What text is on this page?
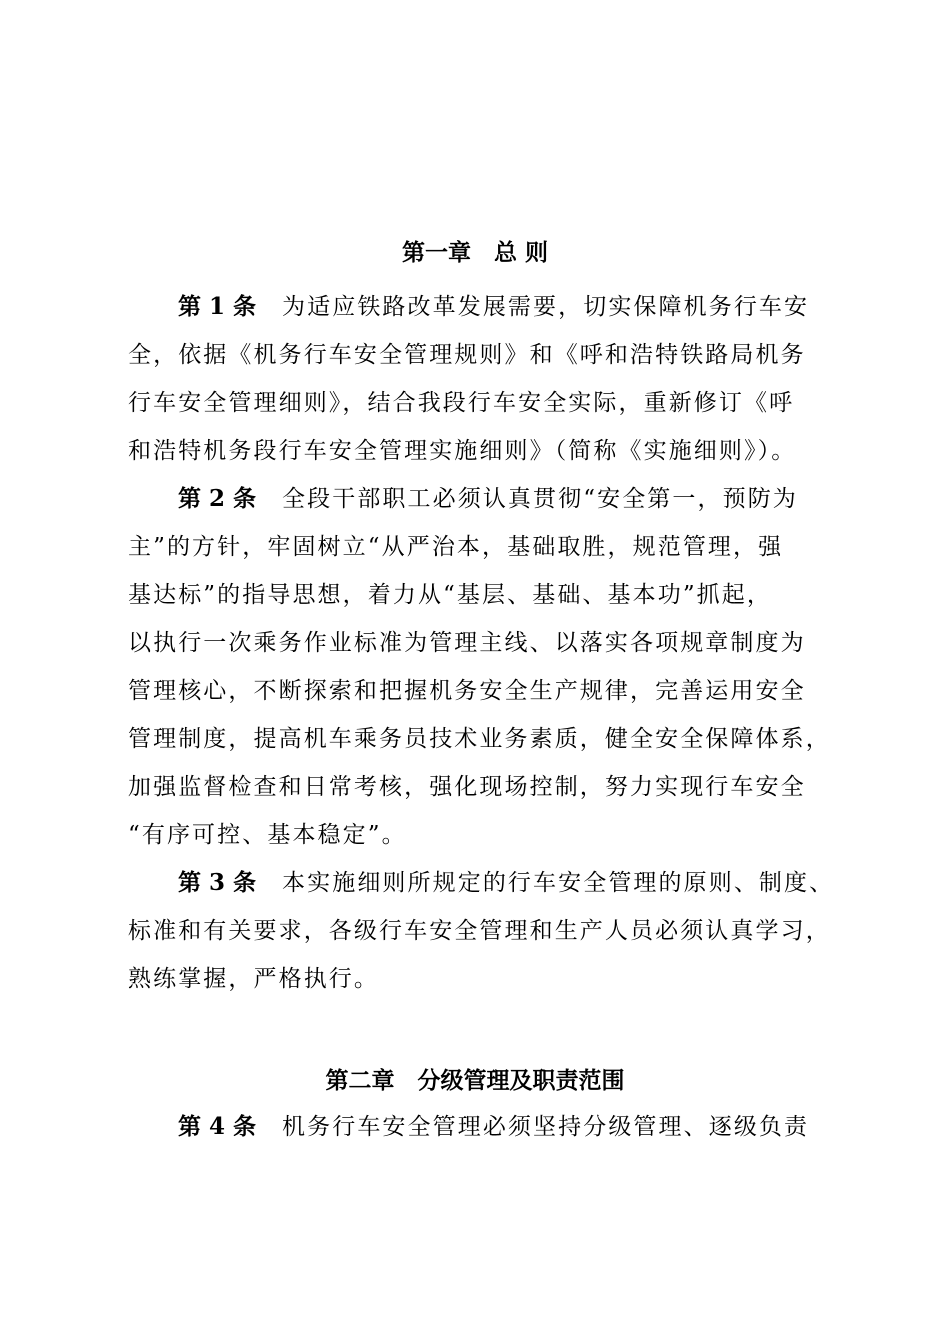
第一章　总 则
第 1 条 为适应铁路改革发展需要，切实保障机务行车安
全，依据《机务行车安全管理规则》和《呼和浩特铁路局机务
行车安全管理细则》，结合我段行车安全实际，重新修订《呼
和浩特机务段行车安全管理实施细则》（简称《实施细则》）。
第 2 条 全段干部职工必须认真贯彻“安全第一，预防为
主”的方针，牢固树立“从严治本，基础取胜，规范管理，强
基达标”的指导思想，着力从“基层、基础、基本功”抓起，
以执行一次乘务作业标准为管理主线、以落实各项规章制度为
管理核心，不断探索和把握机务安全生产规律，完善运用安全
管理制度，提高机车乘务员技术业务素质，健全安全保障体系，
加强监督检查和日常考核，强化现场控制，努力实现行车安全
“有序可控、基本稳定”。
第 3 条 本实施细则所规定的行车安全管理的原则、制度、
标准和有关要求，各级行车安全管理和生产人员必须认真学习，
熟练掌握，严格执行。
第二章　分级管理及职责范围
第 4 条 机务行车安全管理必须坚持分级管理、逐级负责
